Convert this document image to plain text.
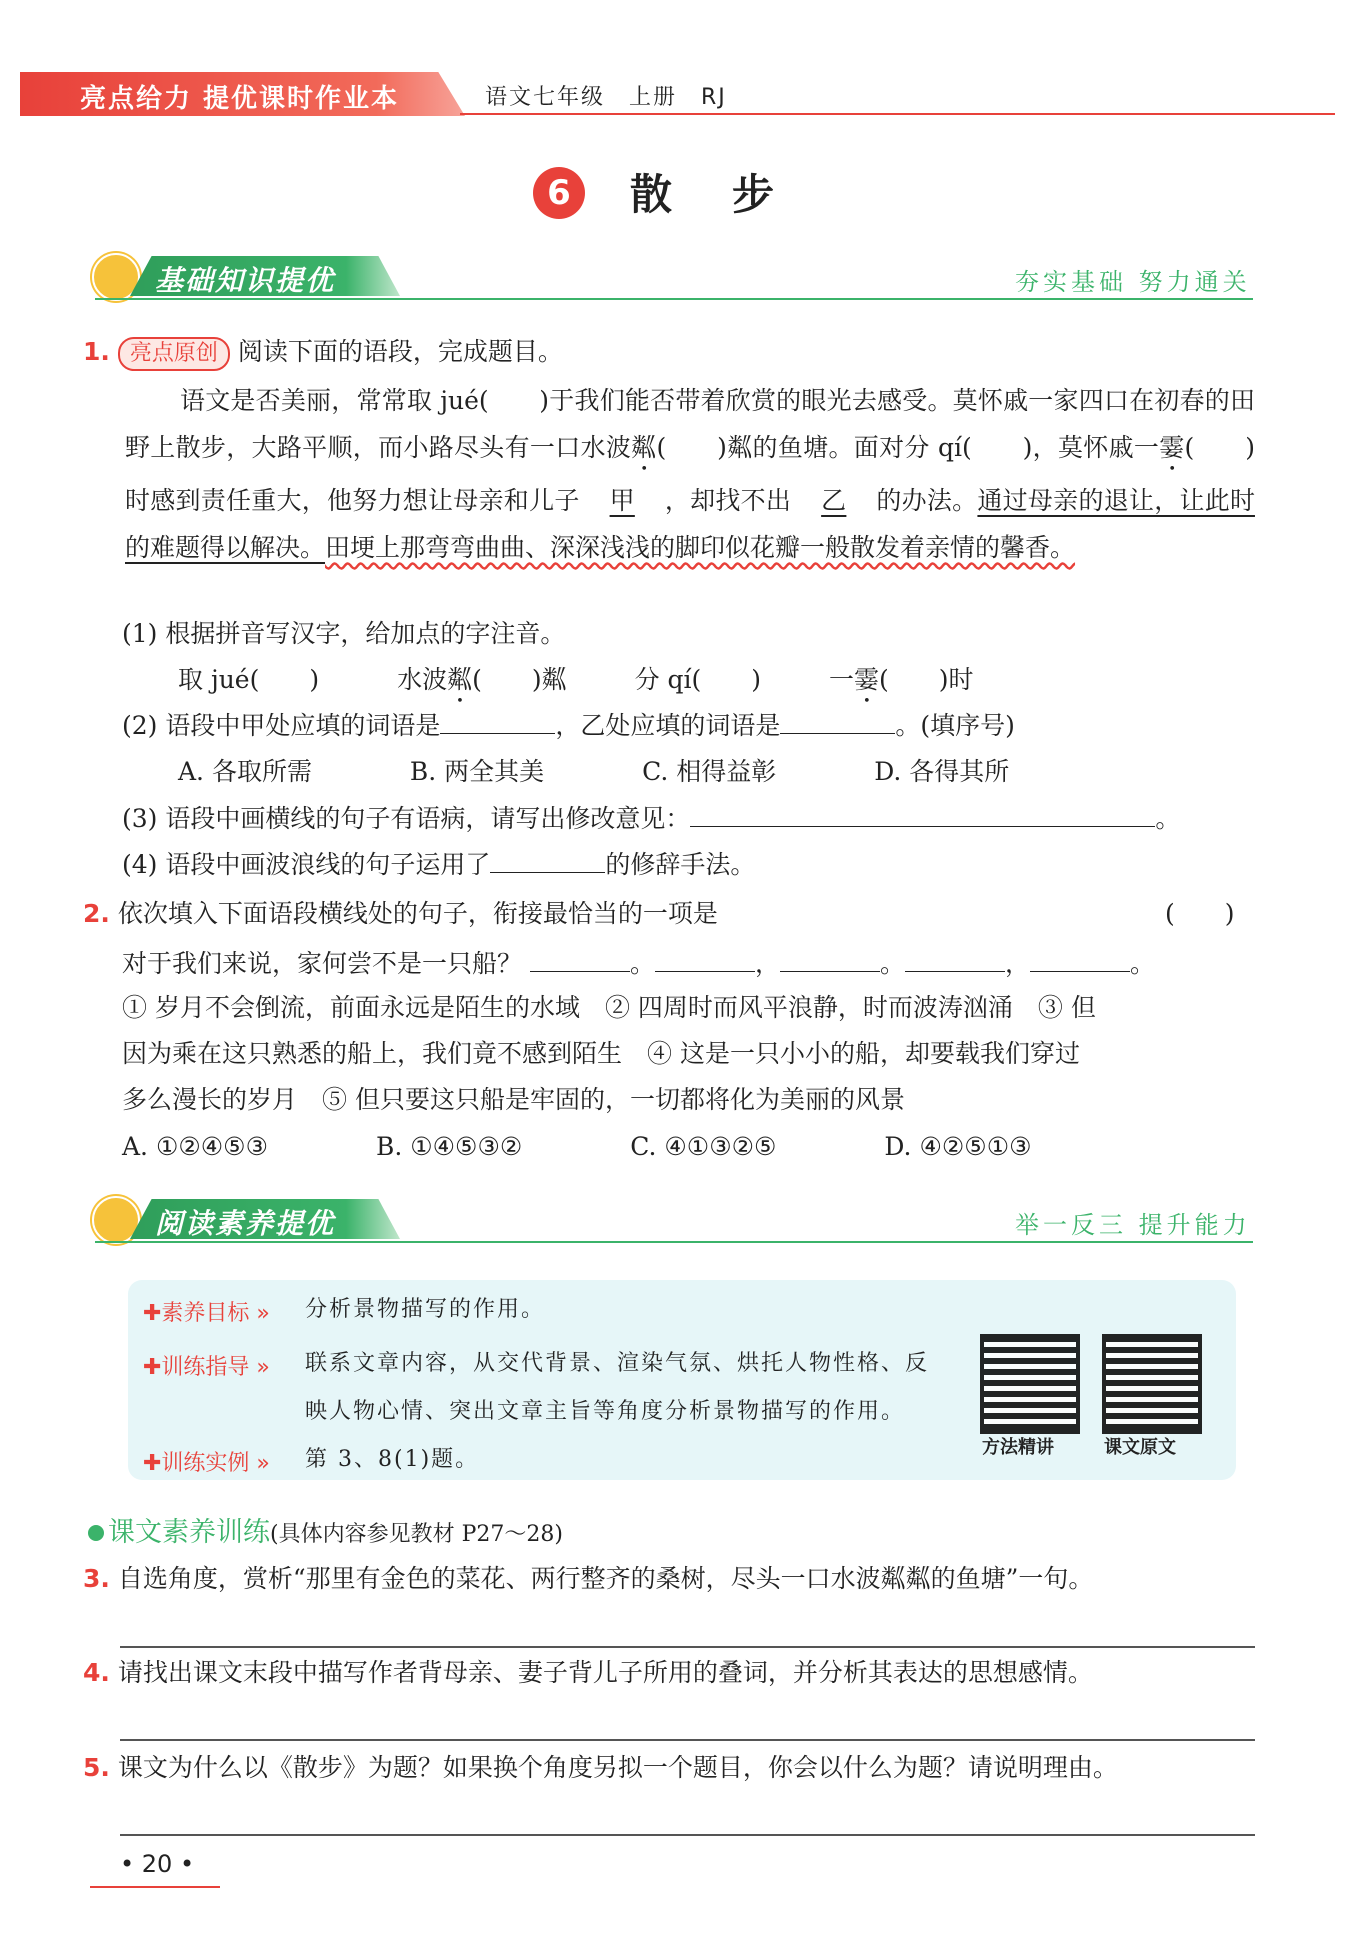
亮点给力 提优课时作业本	语文七年级　上册　RJ
6	散步
基础知识提优	夯实基础 努力通关
1. 亮点原创 阅读下面的语段，完成题目。
语文是否美丽，常常取 jué(　　)于我们能否带着欣赏的眼光去感受。莫怀戚一家四口在初春的田野上散步，大路平顺，而小路尽头有一口水波粼(　　)粼的鱼塘。面对分 qí(　　)，莫怀戚一霎(　　)时感到责任重大，他努力想让母亲和儿子 甲 ，却找不出 乙 的办法。通过母亲的退让，让此时的难题得以解决。田埂上那弯弯曲曲、深深浅浅的脚印似花瓣一般散发着亲情的馨香。
(1) 根据拼音写汉字，给加点的字注音。
取 jué(　　)	水波粼(　　)粼	分 qí(　　)	一霎(　　)时
(2) 语段中甲处应填的词语是	，乙处应填的词语是	。(填序号)
A. 各取所需	B. 两全其美	C. 相得益彰	D. 各得其所
(3) 语段中画横线的句子有语病，请写出修改意见：	。
(4) 语段中画波浪线的句子运用了	的修辞手法。
2. 依次填入下面语段横线处的句子，衔接最恰当的一项是	(　　)
对于我们来说，家何尝不是一只船？	。	，	。	，	。
① 岁月不会倒流，前面永远是陌生的水域　② 四周时而风平浪静，时而波涛汹涌　③ 但
因为乘在这只熟悉的船上，我们竟不感到陌生　④ 这是一只小小的船，却要载我们穿过
多么漫长的岁月　⑤ 但只要这只船是牢固的，一切都将化为美丽的风景
A. ①②④⑤③	B. ①④⑤③②	C. ④①③②⑤	D. ④②⑤①③
阅读素养提优	举一反三 提升能力
✚素养目标 » 分析景物描写的作用。
✚训练指导 » 联系文章内容，从交代背景、渲染气氛、烘托人物性格、反
映人物心情、突出文章主旨等角度分析景物描写的作用。
✚训练实例 » 第 3、8(1)题。	方法精讲	课文原文
课文素养训练(具体内容参见教材 P27～28)
3. 自选角度，赏析“那里有金色的菜花、两行整齐的桑树，尽头一口水波粼粼的鱼塘”一句。
4. 请找出课文末段中描写作者背母亲、妻子背儿子所用的叠词，并分析其表达的思想感情。
5. 课文为什么以《散步》为题？如果换个角度另拟一个题目，你会以什么为题？请说明理由。
• 20 •
